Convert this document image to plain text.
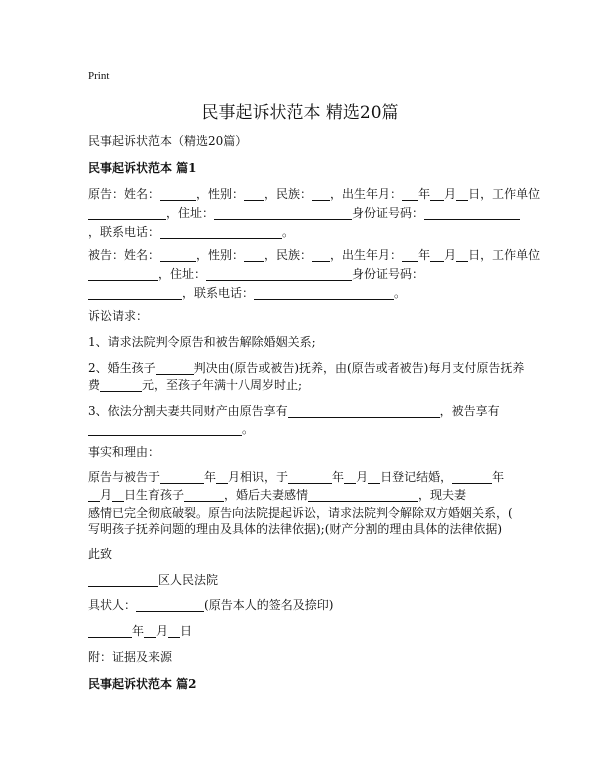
Print
民事起诉状范本 精选20篇
民事起诉状范本（精选20篇）
民事起诉状范本 篇1
原告：姓名：	，性别： ，民族： ，出生年月： 年 月 日，工作单位
，住址：	身份证号码：
，联系电话：	。
被告：姓名：	，性别： ，民族： ，出生年月： 年 月 日，工作单位
，住址：	身份证号码：
，联系电话：	。
诉讼请求：
1、请求法院判令原告和被告解除婚姻关系;
2、婚生孩子	判决由(原告或被告)抚养，由(原告或者被告)每月支付原告抚养
费	元，至孩子年满十八周岁时止;
3、依法分割夫妻共同财产由原告享有	，被告享有
。
事实和理由：
原告与被告于	年 月相识，于	年 月 日登记结婚，	年
月 日生育孩子	，婚后夫妻感情	，现夫妻
感情已完全彻底破裂。原告向法院提起诉讼，请求法院判令解除双方婚姻关系，(
写明孩子抚养问题的理由及具体的法律依据);(财产分割的理由具体的法律依据)
此致
区人民法院
具状人：	(原告本人的签名及捺印)
年 月 日
附：证据及来源
民事起诉状范本 篇2
